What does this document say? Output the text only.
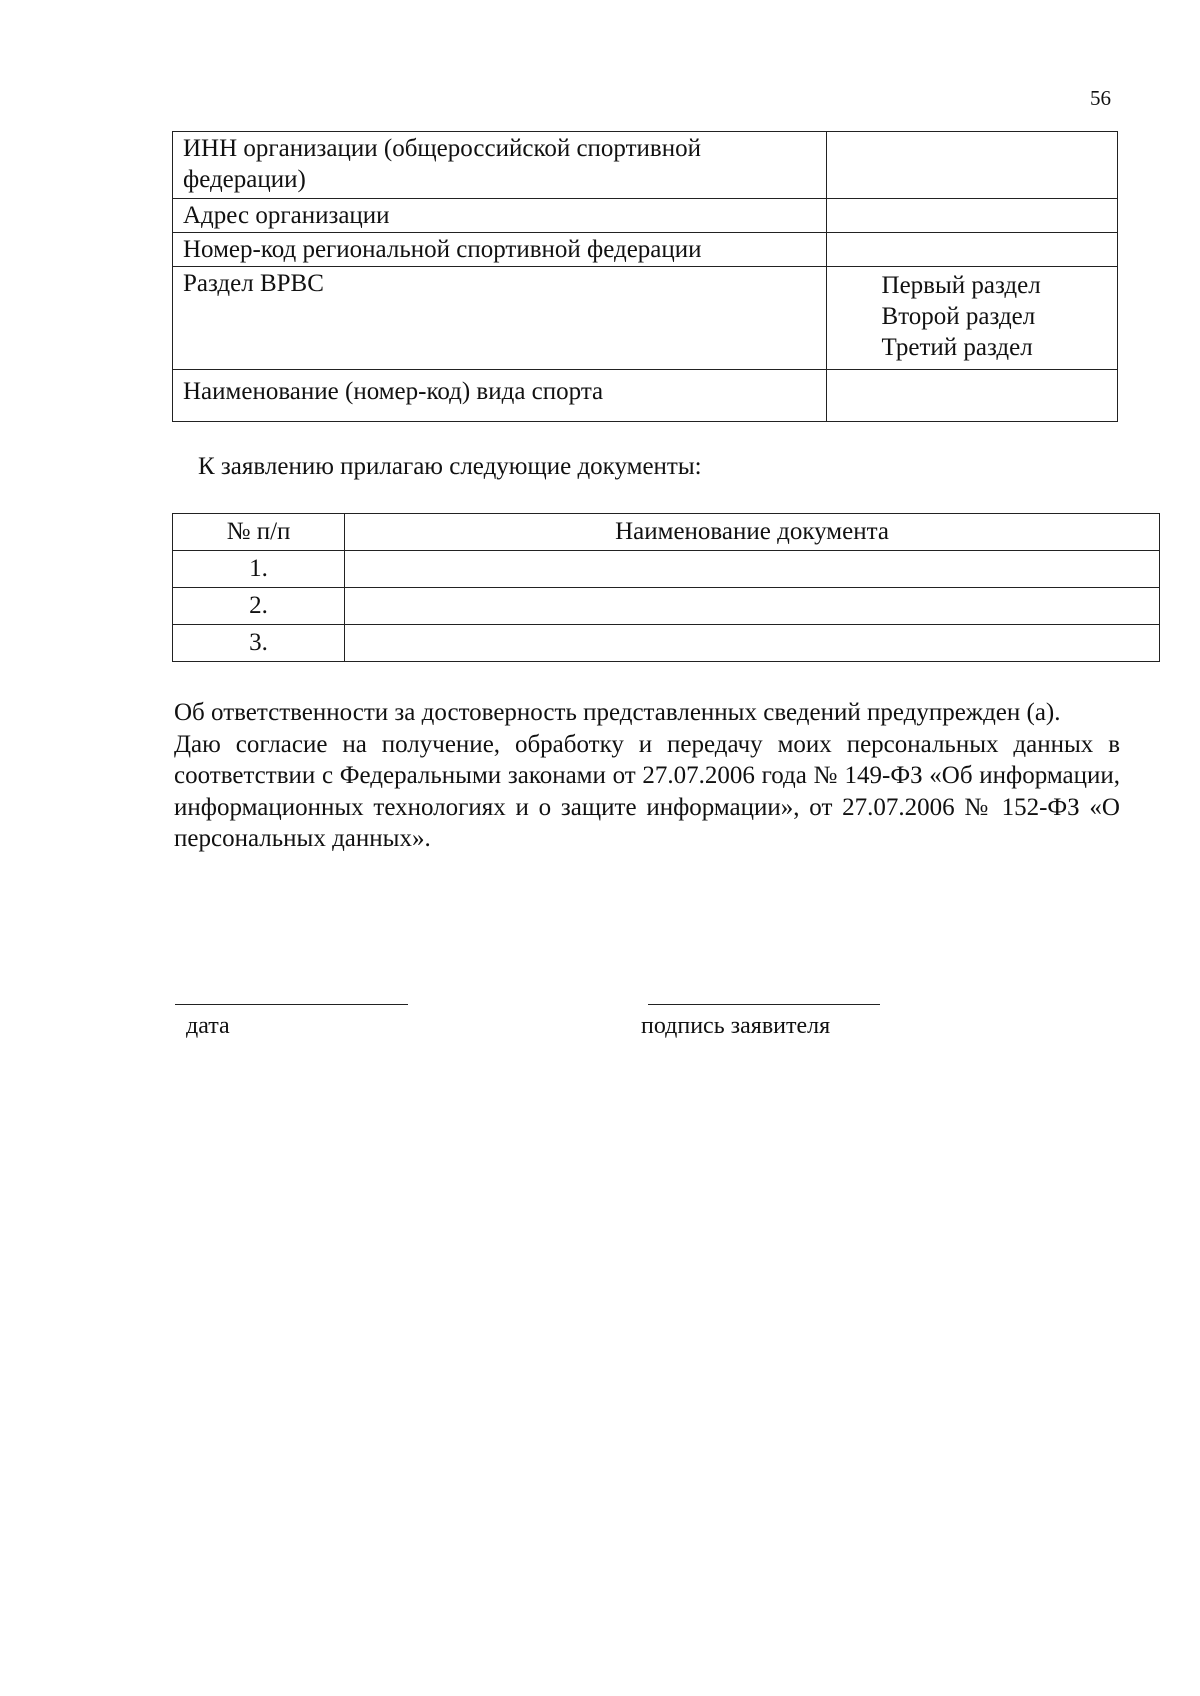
56
ИНН организации (общероссийской спортивной федерации)	
Адрес организации	
Номер-код региональной спортивной федерации	
Раздел ВРВС	Первый раздел
Второй раздел
Третий раздел

Наименование (номер-код) вида спорта	
К заявлению прилагаю следующие документы:
№ п/п	Наименование документа
1.	
2.	
3.	

Об ответственности за достоверность представленных сведений предупрежден (а).

Даю согласие на получение, обработку и передачу моих персональных данных в соответствии с Федеральными законами от 27.07.2006 года № 149-ФЗ «Об информации, информационных технологиях и о защите информации», от 27.07.2006 № 152-ФЗ «О персональных данных».

дата	подпись заявителя
